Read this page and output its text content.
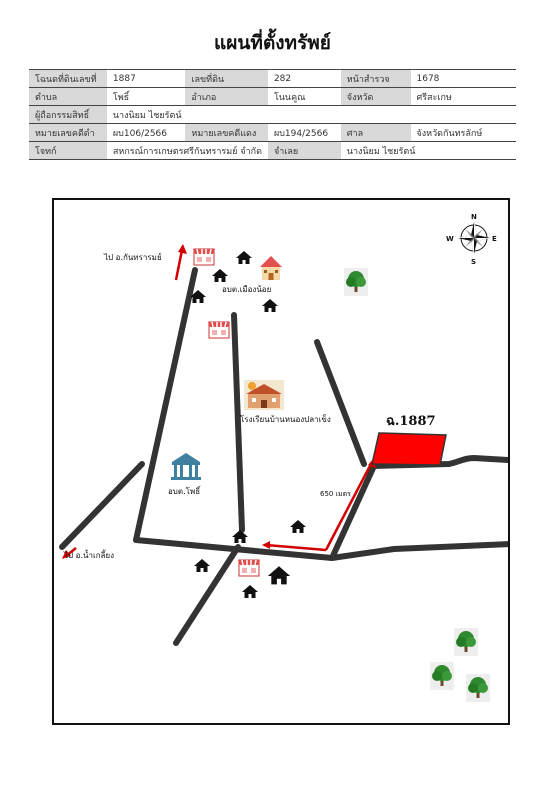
แผนที่ตั้งทรัพย์
โฉนดที่ดินเลขที่	1887	เลขที่ดิน	282	หน้าสำรวจ	1678
ตำบล	โพธิ์	อำเภอ	โนนคูณ	จังหวัด	ศรีสะเกษ
ผู้ถือกรรมสิทธิ์	นางนิยม ไชยรัตน์				
หมายเลขคดีดำ	ผบ106/2566	หมายเลขคดีแดง	ผบ194/2566	ศาล	จังหวัดกันทรลักษ์
โจทก์	สหกรณ์การเกษตรศรีกันทรารมย์ จำกัด		จำเลย	นางนิยม ไชยรัตน์	
ฉ.1887
N
S
E
W
ไป อ.กันทรารมย์
อบต.เมืองน้อย
โรงเรียนบ้านหนองปลาเข็ง
อบต.โพธิ์	650 เมตร
ไป อ.น้ำเกลี้ยง
